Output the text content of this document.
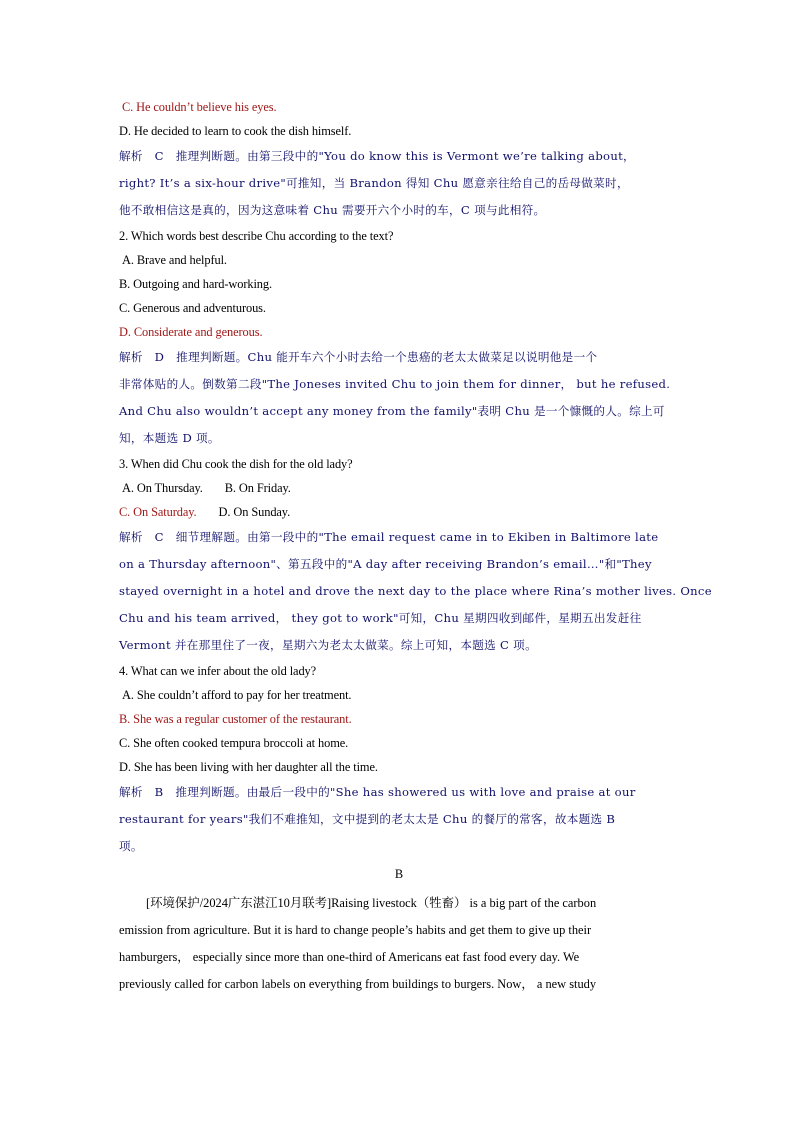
C. He couldn’t believe his eyes.
D. He decided to learn to cook the dish himself.
解析　C　推理判断题。由第三段中的"You do know this is Vermont we’re talking about，
right? It’s a six-hour drive"可推知，当 Brandon 得知 Chu 愿意亲往给自己的岳母做菜时，
他不敢相信这是真的，因为这意味着 Chu 需要开六个小时的车，C 项与此相符。
2. Which words best describe Chu according to the text?
A. Brave and helpful.
B. Outgoing and hard-working.
C. Generous and adventurous.
D. Considerate and generous.
解析　D　推理判断题。Chu 能开车六个小时去给一个患癌的老太太做菜足以说明他是一个
非常体贴的人。倒数第二段"The Joneses invited Chu to join them for dinner， but he refused.
And Chu also wouldn’t accept any money from the family"表明 Chu 是一个慷慨的人。综上可
知，本题选 D 项。
3. When did Chu cook the dish for the old lady?
A. On Thursday. B. On Friday.
C. On Saturday. D. On Sunday.
解析　C　细节理解题。由第一段中的"The email request came in to Ekiben in Baltimore late
on a Thursday afternoon"、第五段中的"A day after receiving Brandon’s email…"和"They
stayed overnight in a hotel and drove the next day to the place where Rina’s mother lives. Once
Chu and his team arrived， they got to work"可知，Chu 星期四收到邮件，星期五出发赶往
Vermont 并在那里住了一夜，星期六为老太太做菜。综上可知，本题选 C 项。
4. What can we infer about the old lady?
A. She couldn’t afford to pay for her treatment.
B. She was a regular customer of the restaurant.
C. She often cooked tempura broccoli at home.
D. She has been living with her daughter all the time.
解析　B　推理判断题。由最后一段中的"She has showered us with love and praise at our
restaurant for years"我们不难推知，文中提到的老太太是 Chu 的餐厅的常客，故本题选 B
项。
B
[环境保护/2024广东湛江10月联考]Raising livestock（牲畜） is a big part of the carbon
emission from agriculture. But it is hard to change people’s habits and get them to give up their
hamburgers， especially since more than one-third of Americans eat fast food every day. We
previously called for carbon labels on everything from buildings to burgers. Now， a new study
